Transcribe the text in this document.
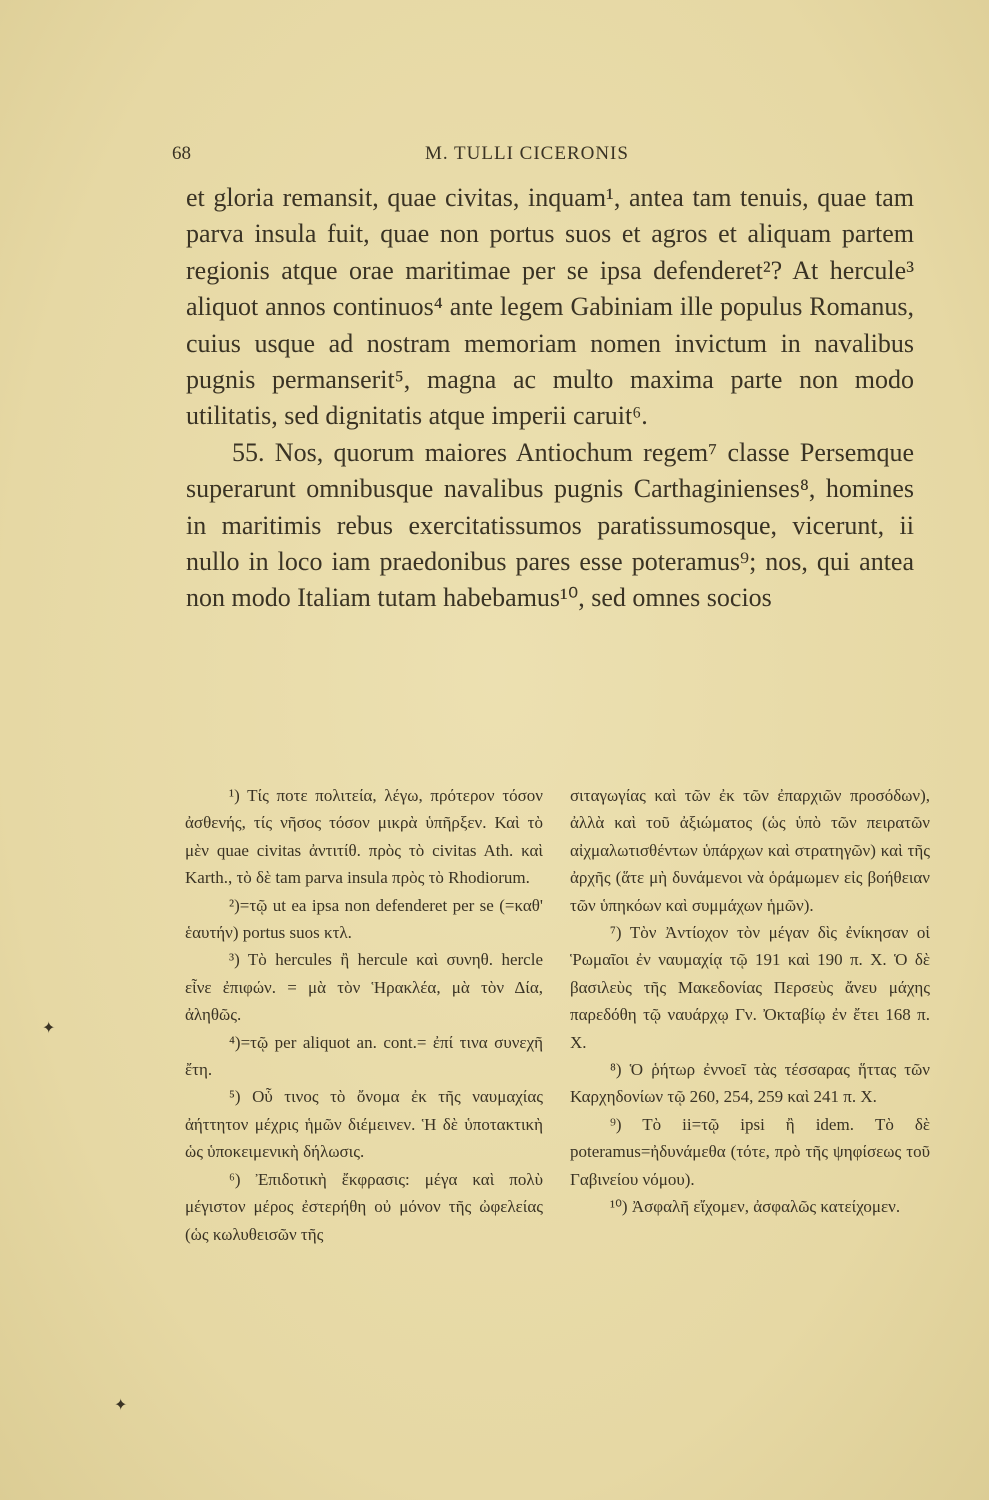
68	M. TULLI CICERONIS

et gloria remansit, quae civitas, inquam¹, antea tam tenuis, quae tam parva insula fuit, quae non portus suos et agros et aliquam partem regionis atque orae maritimae per se ipsa defenderet²? At hercule³ aliquot annos continuos⁴ ante legem Gabiniam ille populus Romanus, cuius usque ad nostram memoriam nomen invictum in navalibus pugnis permanserit⁵, magna ac multo maxima parte non modo utilitatis, sed dignitatis atque imperii caruit⁶.

55. Nos, quorum maiores Antiochum regem⁷ classe Persemque superarunt omnibusque navalibus pugnis Carthaginienses⁸, homines in maritimis rebus exercitatissumos paratissumosque, vicerunt, ii nullo in loco iam praedonibus pares esse poteramus⁹; nos, qui antea non modo Italiam tutam habebamus¹⁰, sed omnes socios

¹) Τίς ποτε πολιτεία, λέγω, πρότερον τόσον ἀσθενής, τίς νῆσος τόσον μικρὰ ὑπῆρξεν. Καὶ τὸ μὲν quae civitas ἀντιτίθ. πρὸς τὸ civitas Ath. καὶ Karth., τὸ δὲ tam parva insula πρὸς τὸ Rhodiorum.

²)=τῷ ut ea ipsa non defenderet per se (=καθ' ἑαυτήν) portus suos κτλ.

³) Τὸ hercules ἢ hercule καὶ συνηθ. hercle εἶνε ἐπιφών. = μὰ τὸν Ἡρακλέα, μὰ τὸν Δία, ἀληθῶς.

⁴)=τῷ per aliquot an. cont.= ἐπί τινα συνεχῆ ἔτη.

⁵) Οὗ τινος τὸ ὄνομα ἐκ τῆς ναυμαχίας ἀήττητον μέχρις ἡμῶν διέμεινεν. Ἡ δὲ ὑποτακτικὴ ὡς ὑποκειμενικὴ δήλωσις.

⁶) Ἐπιδοτικὴ ἔκφρασις: μέγα καὶ πολὺ μέγιστον μέρος ἐστερήθη οὐ μόνον τῆς ὠφελείας (ὡς κωλυθεισῶν τῆς

σιταγωγίας καὶ τῶν ἐκ τῶν ἐπαρχιῶν προσόδων), ἀλλὰ καὶ τοῦ ἀξιώματος (ὡς ὑπὸ τῶν πειρατῶν αἰχμαλωτισθέντων ὑπάρχων καὶ στρατηγῶν) καὶ τῆς ἀρχῆς (ἅτε μὴ δυνάμενοι νὰ ὁράμωμεν εἰς βοήθειαν τῶν ὑπηκόων καὶ συμμάχων ἡμῶν).

⁷) Τὸν Ἀντίοχον τὸν μέγαν δὶς ἐνίκησαν οἱ Ῥωμαῖοι ἐν ναυμαχίᾳ τῷ 191 καὶ 190 π. Χ. Ὁ δὲ βασιλεὺς τῆς Μακεδονίας Περσεὺς ἄνευ μάχης παρεδόθη τῷ ναυάρχῳ Γν. Ὀκταβίῳ ἐν ἔτει 168 π. Χ.

⁸) Ὁ ῥήτωρ ἐννοεῖ τὰς τέσσαρας ἥττας τῶν Καρχηδονίων τῷ 260, 254, 259 καὶ 241 π. Χ.

⁹) Τὸ ii=τῷ ipsi ἢ idem. Τὸ δὲ poteramus=ἠδυνάμεθα (τότε, πρὸ τῆς ψηφίσεως τοῦ Γαβινείου νόμου).

¹⁰) Ἀσφαλῆ εἴχομεν, ἀσφαλῶς κατείχομεν.

✦
✦
